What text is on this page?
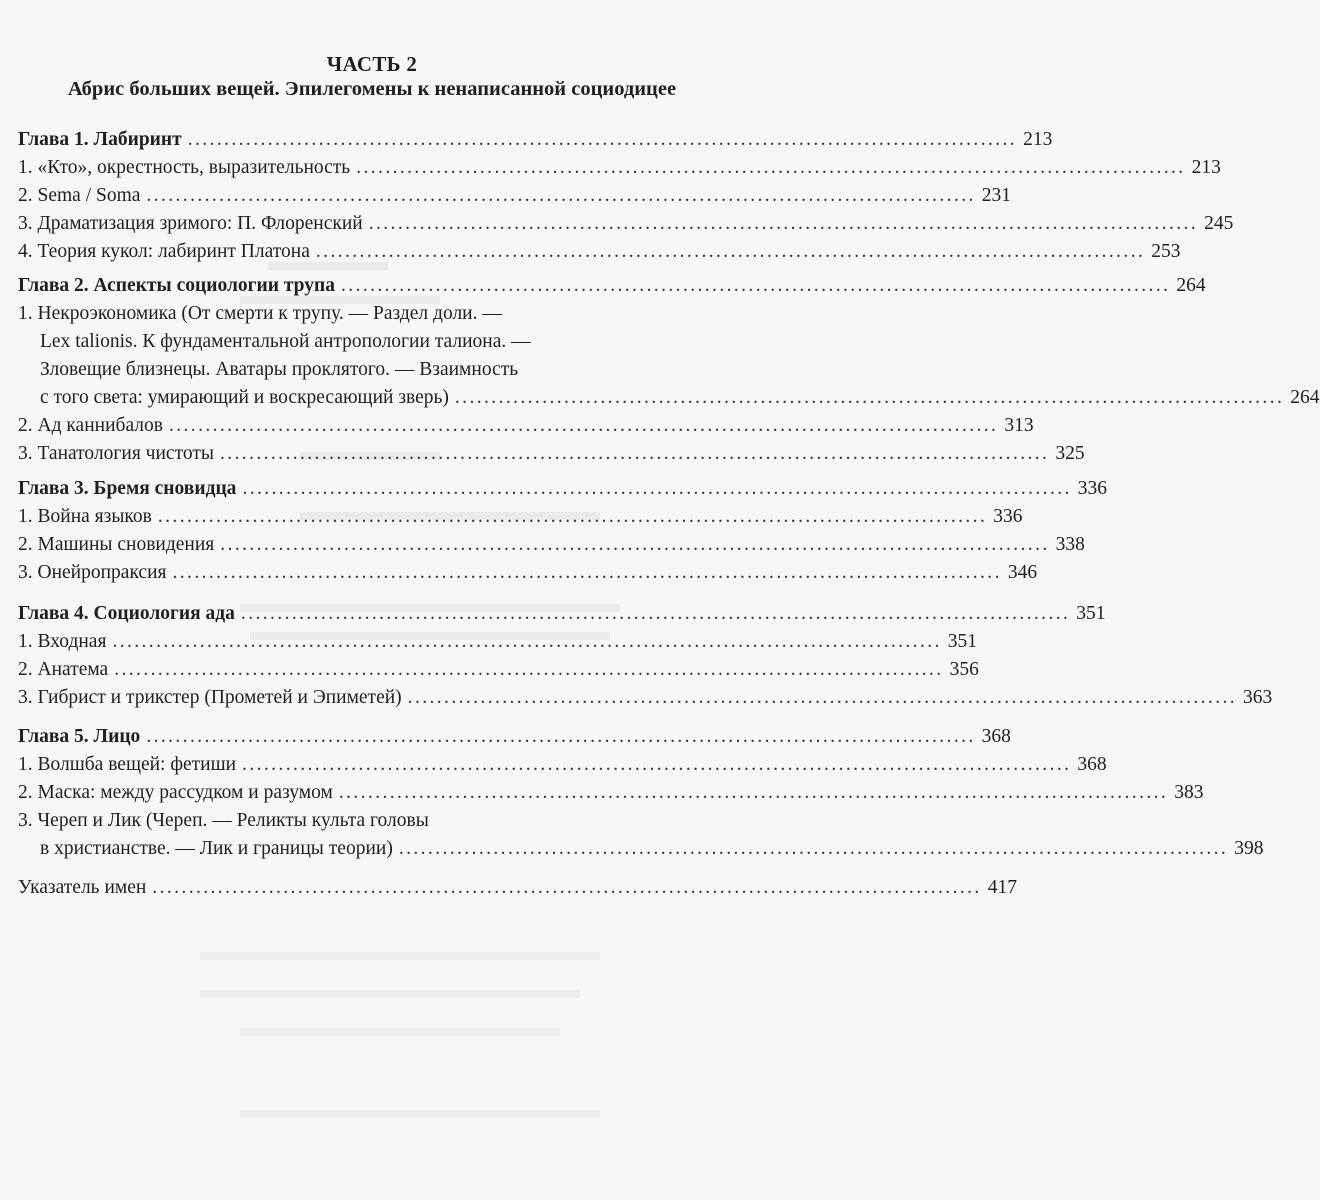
ЧАСТЬ 2
Абрис больших вещей. Эпилегомены к ненаписанной социодицее
Глава 1. Лабиринт .................................................................................................................. 213
1. «Кто», окрестность, выразительность .................................................................................................................. 213
2. Sema / Soma .................................................................................................................. 231
3. Драматизация зримого: П. Флоренский .................................................................................................................. 245
4. Теория кукол: лабиринт Платона .................................................................................................................. 253
Глава 2. Аспекты социологии трупа .................................................................................................................. 264
1. Некроэкономика (От смерти к трупу. — Раздел доли. —
Lex talionis. К фундаментальной антропологии талиона. —
Зловещие близнецы. Аватары проклятого. — Взаимность
с того света: умирающий и воскресающий зверь) .................................................................................................................. 264
2. Ад каннибалов .................................................................................................................. 313
3. Танатология чистоты .................................................................................................................. 325
Глава 3. Бремя сновидца .................................................................................................................. 336
1. Война языков .................................................................................................................. 336
2. Машины сновидения .................................................................................................................. 338
3. Онейропраксия .................................................................................................................. 346
Глава 4. Социология ада .................................................................................................................. 351
1. Входная .................................................................................................................. 351
2. Анатема .................................................................................................................. 356
3. Гибрист и трикстер (Прометей и Эпиметей) .................................................................................................................. 363
Глава 5. Лицо .................................................................................................................. 368
1. Волшба вещей: фетиши .................................................................................................................. 368
2. Маска: между рассудком и разумом .................................................................................................................. 383
3. Череп и Лик (Череп. — Реликты культа головы
в христианстве. — Лик и границы теории) .................................................................................................................. 398
Указатель имен .................................................................................................................. 417
